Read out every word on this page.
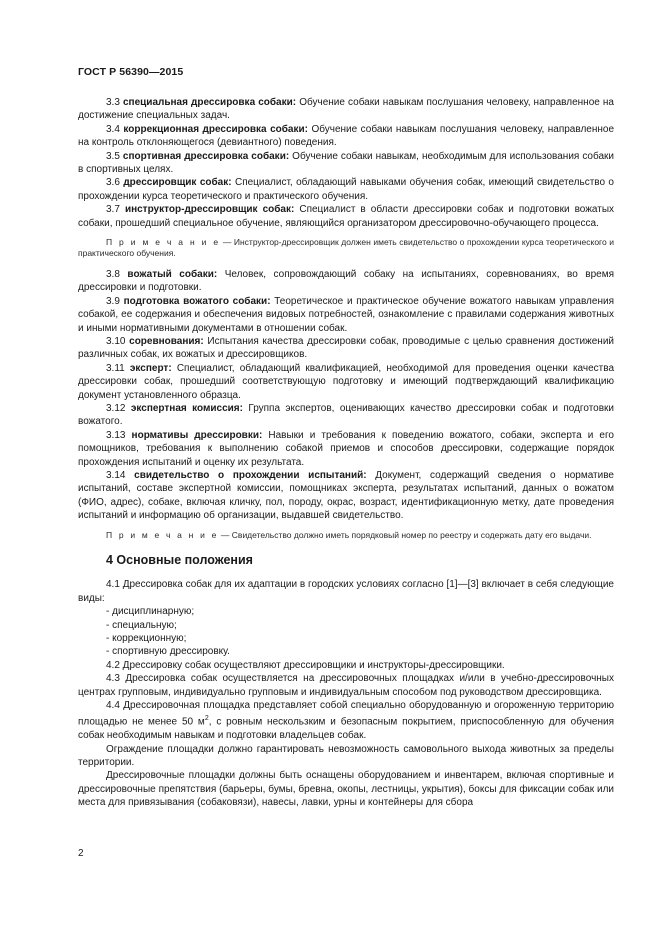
ГОСТ Р 56390—2015

3.3 специальная дрессировка собаки: Обучение собаки навыкам послушания человеку, направленное на достижение специальных задач.

3.4 коррекционная дрессировка собаки: Обучение собаки навыкам послушания человеку, направленное на контроль отклоняющегося (девиантного) поведения.

3.5 спортивная дрессировка собаки: Обучение собаки навыкам, необходимым для использования собаки в спортивных целях.

3.6 дрессировщик собак: Специалист, обладающий навыками обучения собак, имеющий свидетельство о прохождении курса теоретического и практического обучения.

3.7 инструктор-дрессировщик собак: Специалист в области дрессировки собак и подготовки вожатых собаки, прошедший специальное обучение, являющийся организатором дрессировочно-обучающего процесса.

П р и м е ч а н и е — Инструктор-дрессировщик должен иметь свидетельство о прохождении курса теоретического и практического обучения.

3.8 вожатый собаки: Человек, сопровождающий собаку на испытаниях, соревнованиях, во время дрессировки и подготовки.

3.9 подготовка вожатого собаки: Теоретическое и практическое обучение вожатого навыкам управления собакой, ее содержания и обеспечения видовых потребностей, ознакомление с правилами содержания животных и иными нормативными документами в отношении собак.

3.10 соревнования: Испытания качества дрессировки собак, проводимые с целью сравнения достижений различных собак, их вожатых и дрессировщиков.

3.11 эксперт: Специалист, обладающий квалификацией, необходимой для проведения оценки качества дрессировки собак, прошедший соответствующую подготовку и имеющий подтверждающий квалификацию документ установленного образца.

3.12 экспертная комиссия: Группа экспертов, оценивающих качество дрессировки собак и подготовки вожатого.

3.13 нормативы дрессировки: Навыки и требования к поведению вожатого, собаки, эксперта и его помощников, требования к выполнению собакой приемов и способов дрессировки, содержащие порядок прохождения испытаний и оценку их результата.

3.14 свидетельство о прохождении испытаний: Документ, содержащий сведения о нормативе испытаний, составе экспертной комиссии, помощниках эксперта, результатах испытаний, данных о вожатом (ФИО, адрес), собаке, включая кличку, пол, породу, окрас, возраст, идентификационную метку, дате проведения испытаний и информацию об организации, выдавшей свидетельство.

П р и м е ч а н и е — Свидетельство должно иметь порядковый номер по реестру и содержать дату его выдачи.

4 Основные положения

4.1 Дрессировка собак для их адаптации в городских условиях согласно [1]—[3] включает в себя следующие виды:

- дисциплинарную;

- специальную;

- коррекционную;

- спортивную дрессировку.

4.2 Дрессировку собак осуществляют дрессировщики и инструкторы-дрессировщики.

4.3 Дрессировка собак осуществляется на дрессировочных площадках и/или в учебно-дрессировочных центрах групповым, индивидуально групповым и индивидуальным способом под руководством дрессировщика.

4.4 Дрессировочная площадка представляет собой специально оборудованную и огороженную территорию площадью не менее 50 $м^2$, с ровным нескользким и безопасным покрытием, приспособленную для обучения собак необходимым навыкам и подготовки владельцев собак.

Ограждение площадки должно гарантировать невозможность самовольного выхода животных за пределы территории.

Дрессировочные площадки должны быть оснащены оборудованием и инвентарем, включая спортивные и дрессировочные препятствия (барьеры, бумы, бревна, окопы, лестницы, укрытия), боксы для фиксации собак или места для привязывания (собаковязи), навесы, лавки, урны и контейнеры для сбора

2
